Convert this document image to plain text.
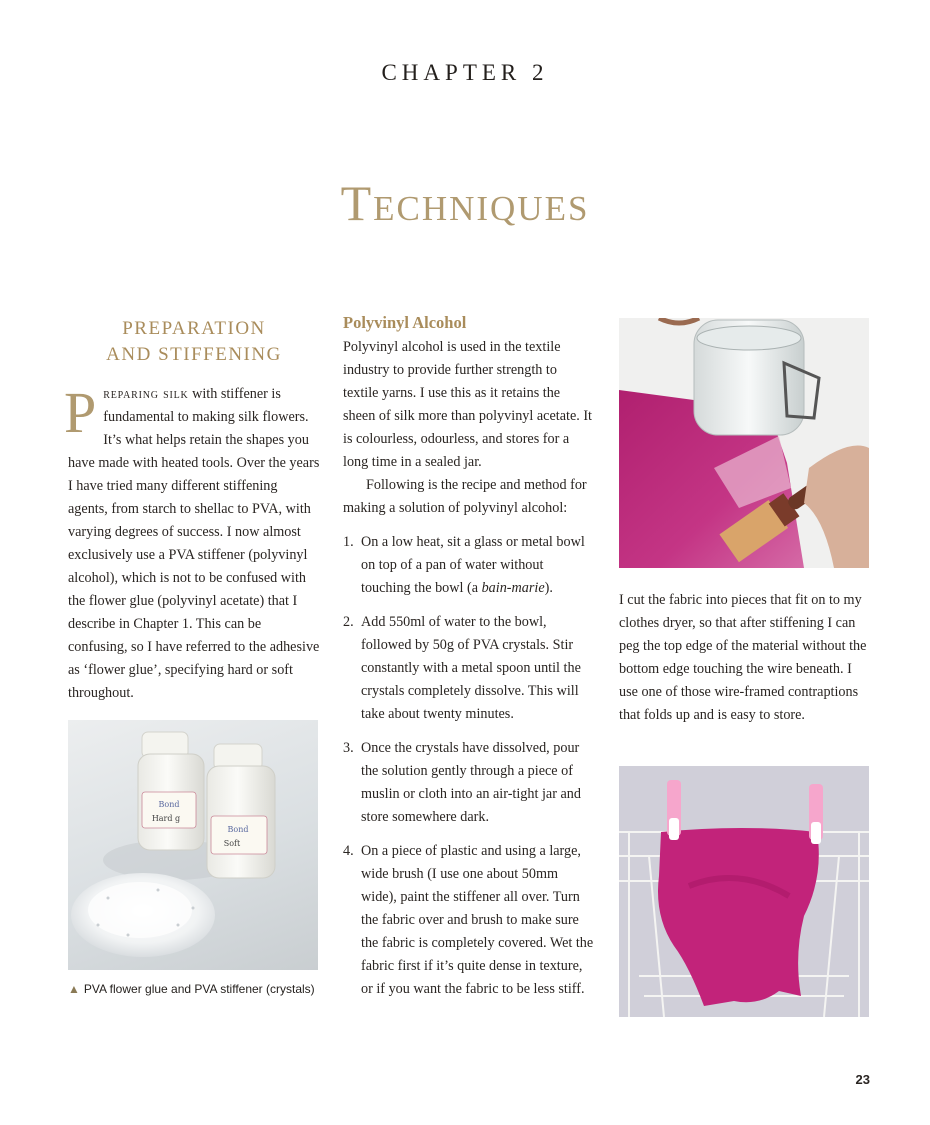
CHAPTER 2
Techniques
PREPARATION
AND STIFFENING

Preparing silk with stiffener is fundamental to making silk flowers. It’s what helps retain the shapes you have made with heated tools. Over the years I have tried many different stiffening agents, from starch to shellac to PVA, with varying degrees of success. I now almost exclusively use a PVA stiffener (polyvinyl alcohol), which is not to be confused with the flower glue (polyvinyl acetate) that I describe in Chapter 1. This can be confusing, so I have referred to the adhesive as ‘flower glue’, specifying hard or soft throughout.

Bond
Hard g
Bond
Soft
▲ PVA flower glue and PVA stiffener (crystals)
Polyvinyl Alcohol

Polyvinyl alcohol is used in the textile industry to provide further strength to textile yarns. I use this as it retains the sheen of silk more than polyvinyl acetate. It is colourless, odourless, and stores for a long time in a sealed jar.

Following is the recipe and method for making a solution of polyvinyl alcohol:

1. On a low heat, sit a glass or metal bowl on top of a pan of water without touching the bowl (a bain-marie).
2. Add 550ml of water to the bowl, followed by 50g of PVA crystals. Stir constantly with a metal spoon until the crystals completely dissolve. This will take about twenty minutes.
3. Once the crystals have dissolved, pour the solution gently through a piece of muslin or cloth into an air-tight jar and store somewhere dark.
4. On a piece of plastic and using a large, wide brush (I use one about 50mm wide), paint the stiffener all over. Turn the fabric over and brush to make sure the fabric is completely covered. Wet the fabric first if it’s quite dense in texture, or if you want the fabric to be less stiff.

I cut the fabric into pieces that fit on to my clothes dryer, so that after stiffening I can peg the top edge of the material without the bottom edge touching the wire beneath. I use one of those wire-framed contraptions that folds up and is easy to store.

23
